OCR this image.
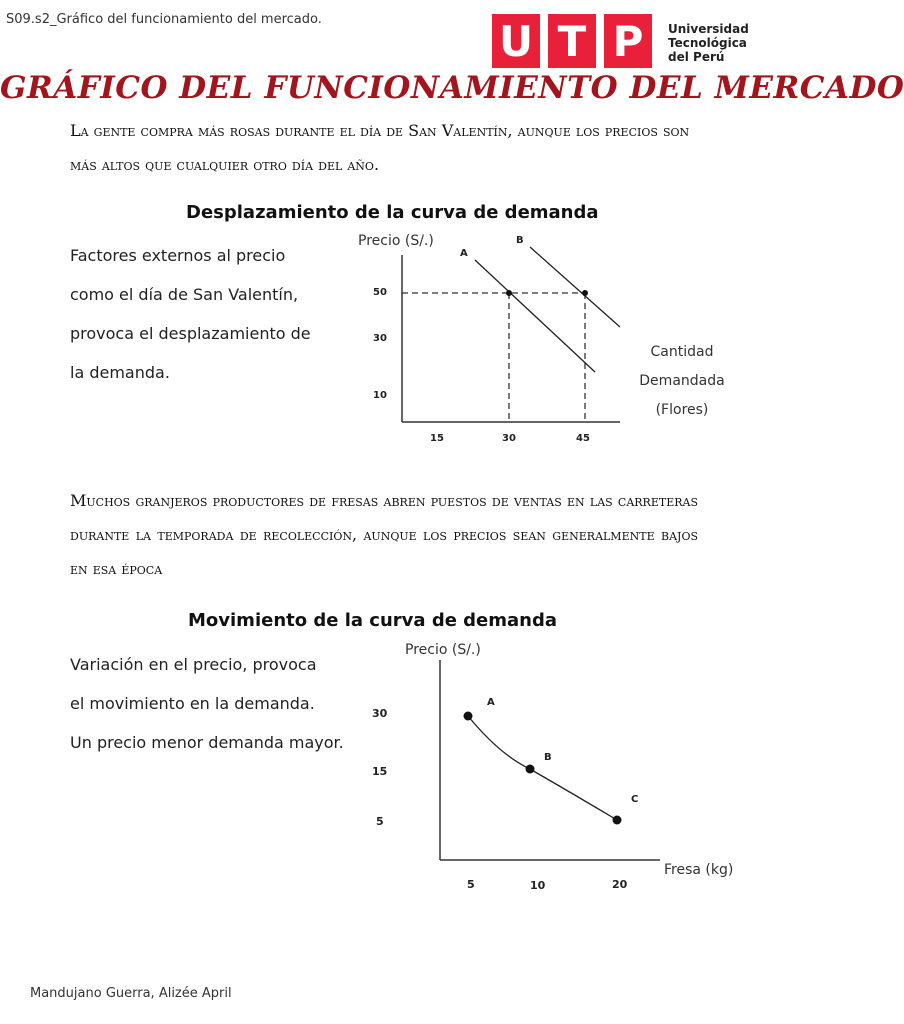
S09.s2_Gráfico del funcionamiento del mercado.	U T P	Universidad
Tecnológica
del Perú
GRÁFICO DEL FUNCIONAMIENTO DEL MERCADO
La gente compra más rosas durante el día de San Valentín, aunque los precios son más altos que cualquier otro día del año.
Desplazamiento de la curva de demanda
Factores externos al precio
como el día de San Valentín,
provoca el desplazamiento de
la demanda.
Precio (S/.)
A
B
50
30
10
15	30	45
Cantidad
Demandada
(Flores)
Muchos granjeros productores de fresas abren puestos de ventas en las carreteras durante la temporada de recolección, aunque los precios sean generalmente bajos en esa época
Movimiento de la curva de demanda
Variación en el precio, provoca
el movimiento en la demanda.
Un precio menor demanda mayor.
Precio (S/.)
A
B
C
30
15
5
5	10	20
Fresa (kg)
Mandujano Guerra, Alizée April
